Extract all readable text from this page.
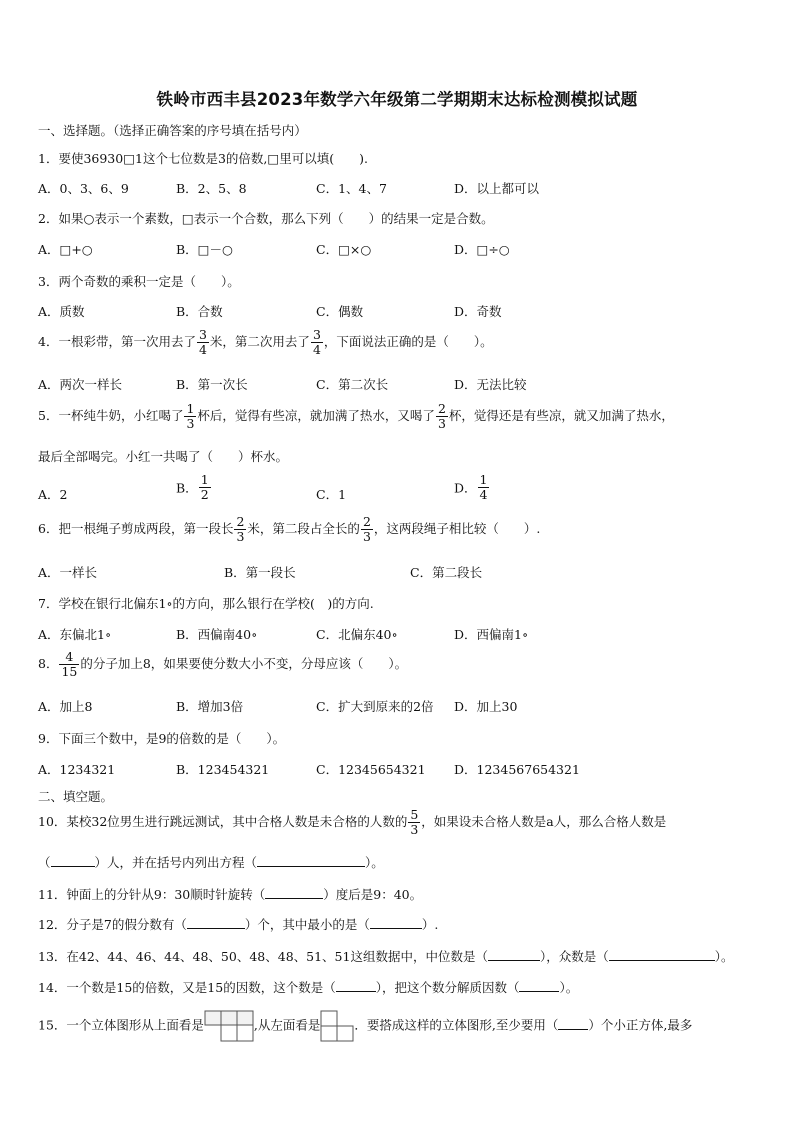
铁岭市西丰县2023年数学六年级第二学期期末达标检测模拟试题
一、选择题。（选择正确答案的序号填在括号内）
1．要使36930□1这个七位数是3的倍数,□里可以填(　　).
A．0、3、6、9	B．2、5、8	C．1、4、7	D．以上都可以
2．如果○表示一个素数，□表示一个合数，那么下列（　　）的结果一定是合数。
A．□+○	B．□－○	C．□×○	D．□÷○
3．两个奇数的乘积一定是（　　）。
A．质数	B．合数	C．偶数	D．奇数
4．一根彩带，第一次用去了 $\frac{3}{4}$ 米，第二次用去了 $\frac{3}{4}$ ，下面说法正确的是（　　）。
A．两次一样长	B．第一次长	C．第二次长	D．无法比较
5．一杯纯牛奶，小红喝了 $\frac{1}{3}$ 杯后，觉得有些凉，就加满了热水，又喝了 $\frac{2}{3}$ 杯，觉得还是有些凉，就又加满了热水，
最后全部喝完。小红一共喝了（　　）杯水。
A．2	B． $\frac{1}{2}$	C．1	D． $\frac{1}{4}$
6．把一根绳子剪成两段，第一段长 $\frac{2}{3}$ 米，第二段占全长的 $\frac{2}{3}$ ，这两段绳子相比较（　　）.
A．一样长	B．第一段长	C．第二段长
7．学校在银行北偏东1∘的方向，那么银行在学校(　)的方向.
A．东偏北1∘	B．西偏南40∘	C．北偏东40∘	D．西偏南1∘
8． $\frac{4}{15}$ 的分子加上8，如果要使分数大小不变，分母应该（　　）。
A．加上8	B．增加3倍	C．扩大到原来的2倍 D．加上30
9．下面三个数中，是9的倍数的是（　　）。
A．1234321	B．123454321	C．12345654321 D．1234567654321
二、填空题。
10．某校32位男生进行跳远测试，其中合格人数是未合格的人数的 $\frac{5}{3}$ ，如果设未合格人数是a人，那么合格人数是
（	）人，并在括号内列出方程（	）。
11．钟面上的分针从9：30顺时针旋转（	）度后是9：40。
12．分子是7的假分数有（	）个，其中最小的是（	）.
13．在42、44、46、44、48、50、48、48、51、51这组数据中，中位数是（	），众数是（	）。
14．一个数是15的倍数，又是15的因数，这个数是（	），把这个数分解质因数（	）。
15．一个立体图形从上面看是	,从左面看是	．要搭成这样的立体图形,至少要用（ ）个小正方体,最多
